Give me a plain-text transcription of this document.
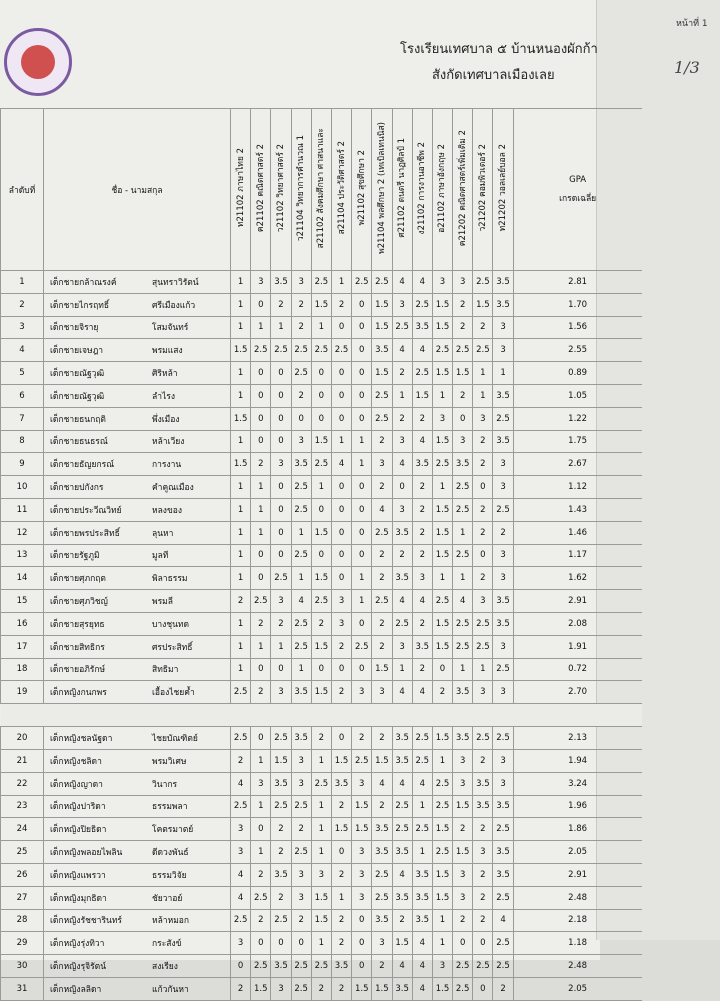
โรงเรียนเทศบาล ๕ บ้านหนองผักก้า
สังกัดเทศบาลเมืองเลย
หน้าที่ 1
1/3
ลำดับที่	ชื่อ - นามสกุล	ท21102 ภาษาไทย 2	ค21102 คณิตศาสตร์ 2	ว21102 วิทยาศาสตร์ 2	ว21104 วิทยาการคำนวณ 1	ส21102 สังคมศึกษา ศาสนาและ	ส21104 ประวัติศาสตร์ 2	พ21102 สุขศึกษา 2	พ21104 พลศึกษา 2 (เทเบิลเทนนิส)	ศ21102 ดนตรี นาฏศิลป์ 1	ง21102 การงานอาชีพ 2	อ21102 ภาษาอังกฤษ 2	ค21202 คณิตศาสตร์เพิ่มเติม 2	ว21202 คอมพิวเตอร์ 2	ท21202 วอลเลย์บอล 2	GPA
เกรดเฉลี่ย

1	เด็กชายกล้าณรงค์ สุนทราวิรัตน์	1	3	3.5	3	2.5	1	2.5	2.5	4	4	3	3	2.5	3.5	2.81
2	เด็กชายไกรฤทธิ์ ศรีเมืองแก้ว	1	0	2	2	1.5	2	0	1.5	3	2.5	1.5	2	1.5	3.5	1.70
3	เด็กชายจิรายุ โสมจันทร์	1	1	1	2	1	0	0	1.5	2.5	3.5	1.5	2	2	3	1.56
4	เด็กชายเจษฎา พรมแสง	1.5	2.5	2.5	2.5	2.5	2.5	0	3.5	4	4	2.5	2.5	2.5	3	2.55
5	เด็กชายณัฐวุฒิ ศิริหล้า	1	0	0	2.5	0	0	0	1.5	2	2.5	1.5	1.5	1	1	0.89
6	เด็กชายณัฐวุฒิ ลำไรง	1	0	0	2	0	0	0	2.5	1	1.5	1	2	1	3.5	1.05
7	เด็กชายธนกฤติ พึ่งเมือง	1.5	0	0	0	0	0	0	2.5	2	2	3	0	3	2.5	1.22
8	เด็กชายธนธรณ์ หล้าเวียง	1	0	0	3	1.5	1	1	2	3	4	1.5	3	2	3.5	1.75
9	เด็กชายธัญยกรณ์ การงาน	1.5	2	3	3.5	2.5	4	1	3	4	3.5	2.5	3.5	2	3	2.67
10	เด็กชายปกังกร คำคูณเมือง	1	1	0	2.5	1	0	0	2	0	2	1	2.5	0	3	1.12
11	เด็กชายประวีณวิทย์ หลงของ	1	1	0	2.5	0	0	0	4	3	2	1.5	2.5	2	2.5	1.43
12	เด็กชายพรประสิทธิ์ ลุนหา	1	1	0	1	1.5	0	0	2.5	3.5	2	1.5	1	2	2	1.46
13	เด็กชายรัฐภูมิ มูลที	1	0	0	2.5	0	0	0	2	2	2	1.5	2.5	0	3	1.17
14	เด็กชายศุภกฤต พิลาธรรม	1	0	2.5	1	1.5	0	1	2	3.5	3	1	1	2	3	1.62
15	เด็กชายศุภวิชญ์ พรมลี	2	2.5	3	4	2.5	3	1	2.5	4	4	2.5	4	3	3.5	2.91
16	เด็กชายสุรยุทธ บางชุนทด	1	2	2	2.5	2	3	0	2	2.5	2	1.5	2.5	2.5	3.5	2.08
17	เด็กชายสิทธิกร ศรประสิทธิ์	1	1	1	2.5	1.5	2	2.5	2	3	3.5	1.5	2.5	2.5	3	1.91
18	เด็กชายอภิรักษ์ สิทธิมา	1	0	0	1	0	0	0	1.5	1	2	0	1	1	2.5	0.72
19	เด็กหญิงกนกพร เอื้องไชยค้ำ	2.5	2	3	3.5	1.5	2	3	3	4	4	2	3.5	3	3	2.70

20	เด็กหญิงชลนัฐดา ไชยบัณฑิตย์	2.5	0	2.5	3.5	2	0	2	2	3.5	2.5	1.5	3.5	2.5	2.5	2.13
21	เด็กหญิงชลิดา พรมวิเศษ	2	1	1.5	3	1	1.5	2.5	1.5	3.5	2.5	1	3	2	3	1.94
22	เด็กหญิงญาดา วินากร	4	3	3.5	3	2.5	3.5	3	4	4	4	2.5	3	3.5	3	3.24
23	เด็กหญิงปาริดา ธรรมพลา	2.5	1	2.5	2.5	1	2	1.5	2	2.5	1	2.5	1.5	3.5	3.5	1.96
24	เด็กหญิงปิยธิดา โคตรมาตย์	3	0	2	2	1	1.5	1.5	3.5	2.5	2.5	1.5	2	2	2.5	1.86
25	เด็กหญิงพลอยไพลิน ดีดวงพันธ์	3	1	2	2.5	1	0	3	3.5	3.5	1	2.5	1.5	3	3.5	2.05
26	เด็กหญิงแพรวา ธรรมวิจัย	4	2	3.5	3	3	2	3	2.5	4	3.5	1.5	3	2	3.5	2.91
27	เด็กหญิงมุกธิดา ชัยวาอย์	4	2.5	2	3	1.5	1	3	2.5	3.5	3.5	1.5	3	2	2.5	2.48
28	เด็กหญิงรัชชารินทร์ หล้าหมอก	2.5	2	2.5	2	1.5	2	0	3.5	2	3.5	1	2	2	4	2.18
29	เด็กหญิงรุ่งทิวา กระสังข์	3	0	0	0	1	2	0	3	1.5	4	1	0	0	2.5	1.18
30	เด็กหญิงรุจิรัตน์ สงเรียง	0	2.5	3.5	2.5	2.5	3.5	0	2	4	4	3	2.5	2.5	2.5	2.48
31	เด็กหญิงลลิดา แก้วกันหา	2	1.5	3	2.5	2	2	1.5	1.5	3.5	4	1.5	2.5	0	2	2.05
